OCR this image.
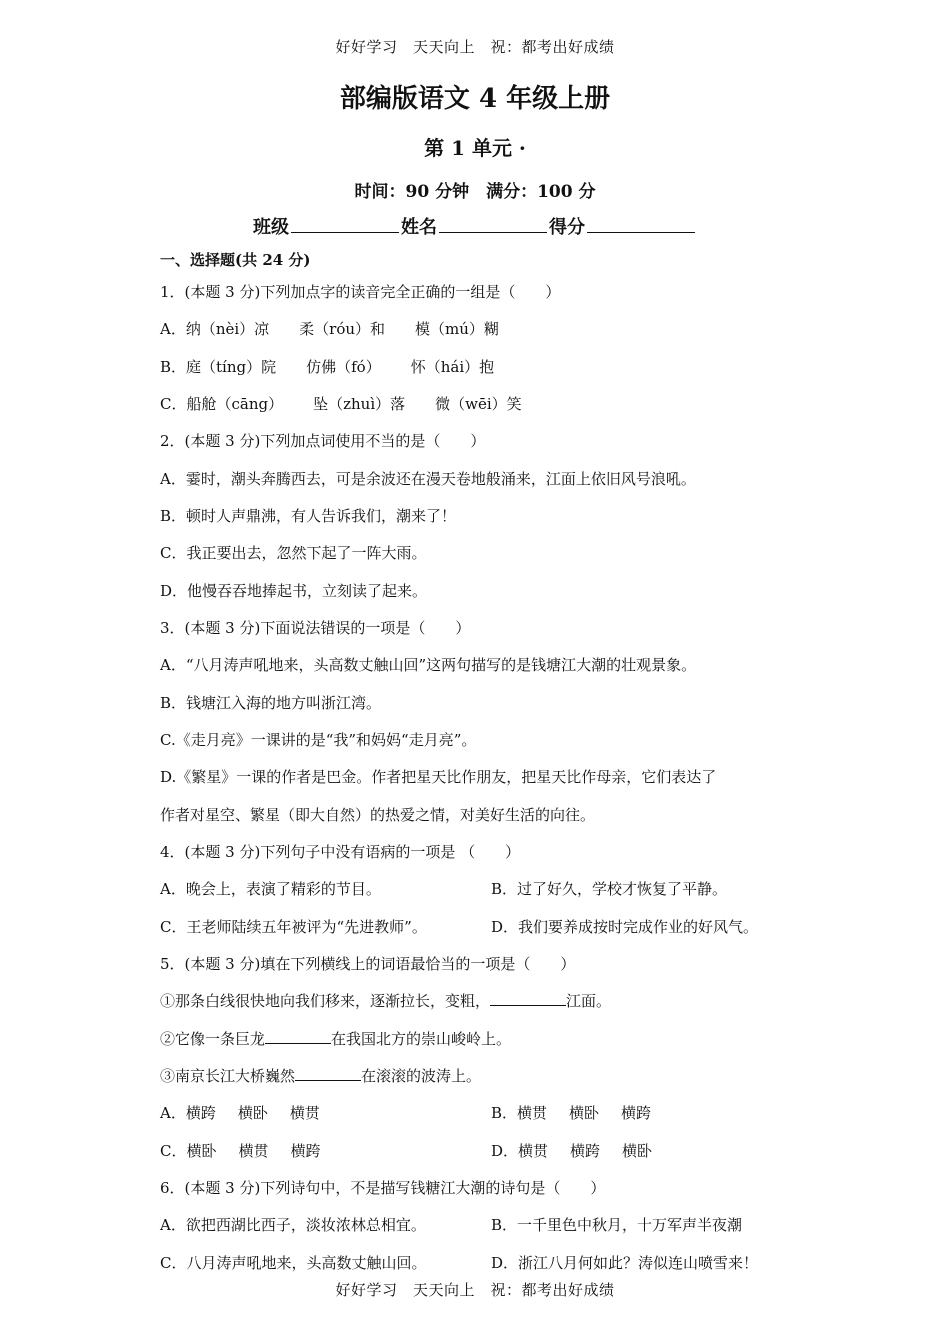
好好学习　天天向上　祝：都考出好成绩
部编版语文 4 年级上册
第 1 单元 ·
时间：90 分钟　满分：100 分
班级	姓名	得分
一、选择题(共 24 分)
1．(本题 3 分)下列加点字的读音完全正确的一组是（　　）
A．纳（nèi）凉 柔（róu）和 模（mú）糊
B．庭（tíng）院 仿佛（fó） 怀（hái）抱
C．船舱（cāng） 坠（zhuì）落 微（wēi）笑
2．(本题 3 分)下列加点词使用不当的是（　　）
A．霎时，潮头奔腾西去，可是余波还在漫天卷地般涌来，江面上依旧风号浪吼。
B．顿时人声鼎沸，有人告诉我们，潮来了！
C．我正要出去，忽然下起了一阵大雨。
D．他慢吞吞地捧起书，立刻读了起来。
3．(本题 3 分)下面说法错误的一项是（　　）
A．“八月涛声吼地来，头高数丈触山回”这两句描写的是钱塘江大潮的壮观景象。
B．钱塘江入海的地方叫浙江湾。
C.《走月亮》一课讲的是“我”和妈妈“走月亮”。
D.《繁星》一课的作者是巴金。作者把星天比作朋友，把星天比作母亲，它们表达了
作者对星空、繁星（即大自然）的热爱之情，对美好生活的向往。
4．(本题 3 分)下列句子中没有语病的一项是 （　　）
A．晚会上，表演了精彩的节目。	B．过了好久，学校才恢复了平静。
C．王老师陆续五年被评为“先进教师”。	D．我们要养成按时完成作业的好风气。
5．(本题 3 分)填在下列横线上的词语最恰当的一项是（　　）
①那条白线很快地向我们移来，逐渐拉长，变粗，	江面。
②它像一条巨龙	在我国北方的崇山峻岭上。
③南京长江大桥巍然	在滚滚的波涛上。
A．横跨 横卧 横贯	B．横贯 横卧 横跨
C．横卧 横贯 横跨	D．横贯 横跨 横卧
6．(本题 3 分)下列诗句中，不是描写钱糖江大潮的诗句是（　　）
A．欲把西湖比西子，淡妆浓林总相宜。	B．一千里色中秋月，十万军声半夜潮
C．八月涛声吼地来，头高数丈触山回。	D．浙江八月何如此？涛似连山喷雪来！
好好学习　天天向上　祝：都考出好成绩
